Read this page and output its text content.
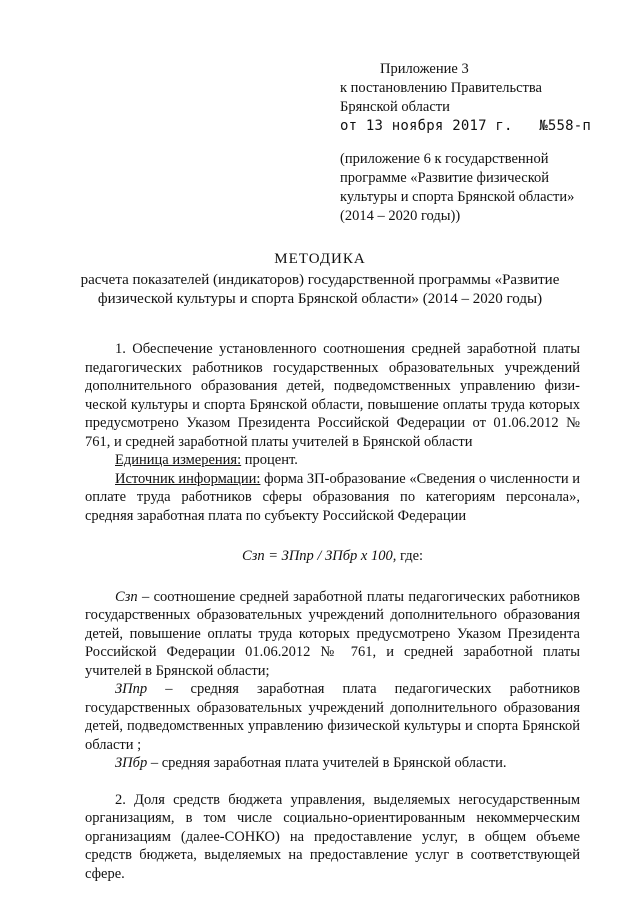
Приложение 3
к постановлению Правительства
Брянской области
от 13 ноября 2017 г. №558-п
(приложение 6 к государственной программе «Развитие физической культуры и спорта Брянской области» (2014 – 2020 годы))
МЕТОДИКА
расчета показателей (индикаторов) государственной программы «Развитие физической культуры и спорта Брянской области» (2014 – 2020 годы)

1. Обеспечение установленного соотношения средней заработной платы педагогических работников государственных образовательных учреждений дополнительного образования детей, подведомственных управлению физи-ческой культуры и спорта Брянской области, повышение оплаты труда которых предусмотрено Указом Президента Российской Федерации от 01.06.2012 № 761, и средней заработной платы учителей в Брянской области

Единица измерения: процент.

Источник информации: форма ЗП-образование «Сведения о численности и оплате труда работников сферы образования по категориям персонала», средняя заработная плата по субъекту Российской Федерации

Сзп = ЗПпр / ЗПбр х 100, где:

Сзп – соотношение средней заработной платы педагогических работников государственных образовательных учреждений дополнительного образования детей, повышение оплаты труда которых предусмотрено Указом Президента Российской Федерации 01.06.2012 № 761, и средней заработной платы учителей в Брянской области;

ЗПпр – средняя заработная плата педагогических работников государственных образовательных учреждений дополнительного образования детей, подведомственных управлению физической культуры и спорта Брянской области ;

ЗПбр – средняя заработная плата учителей в Брянской области.

2. Доля средств бюджета управления, выделяемых негосударственным организациям, в том числе социально-ориентированным некоммерческим организациям (далее-СОНКО) на предоставление услуг, в общем объеме средств бюджета, выделяемых на предоставление услуг в соответствующей сфере.
